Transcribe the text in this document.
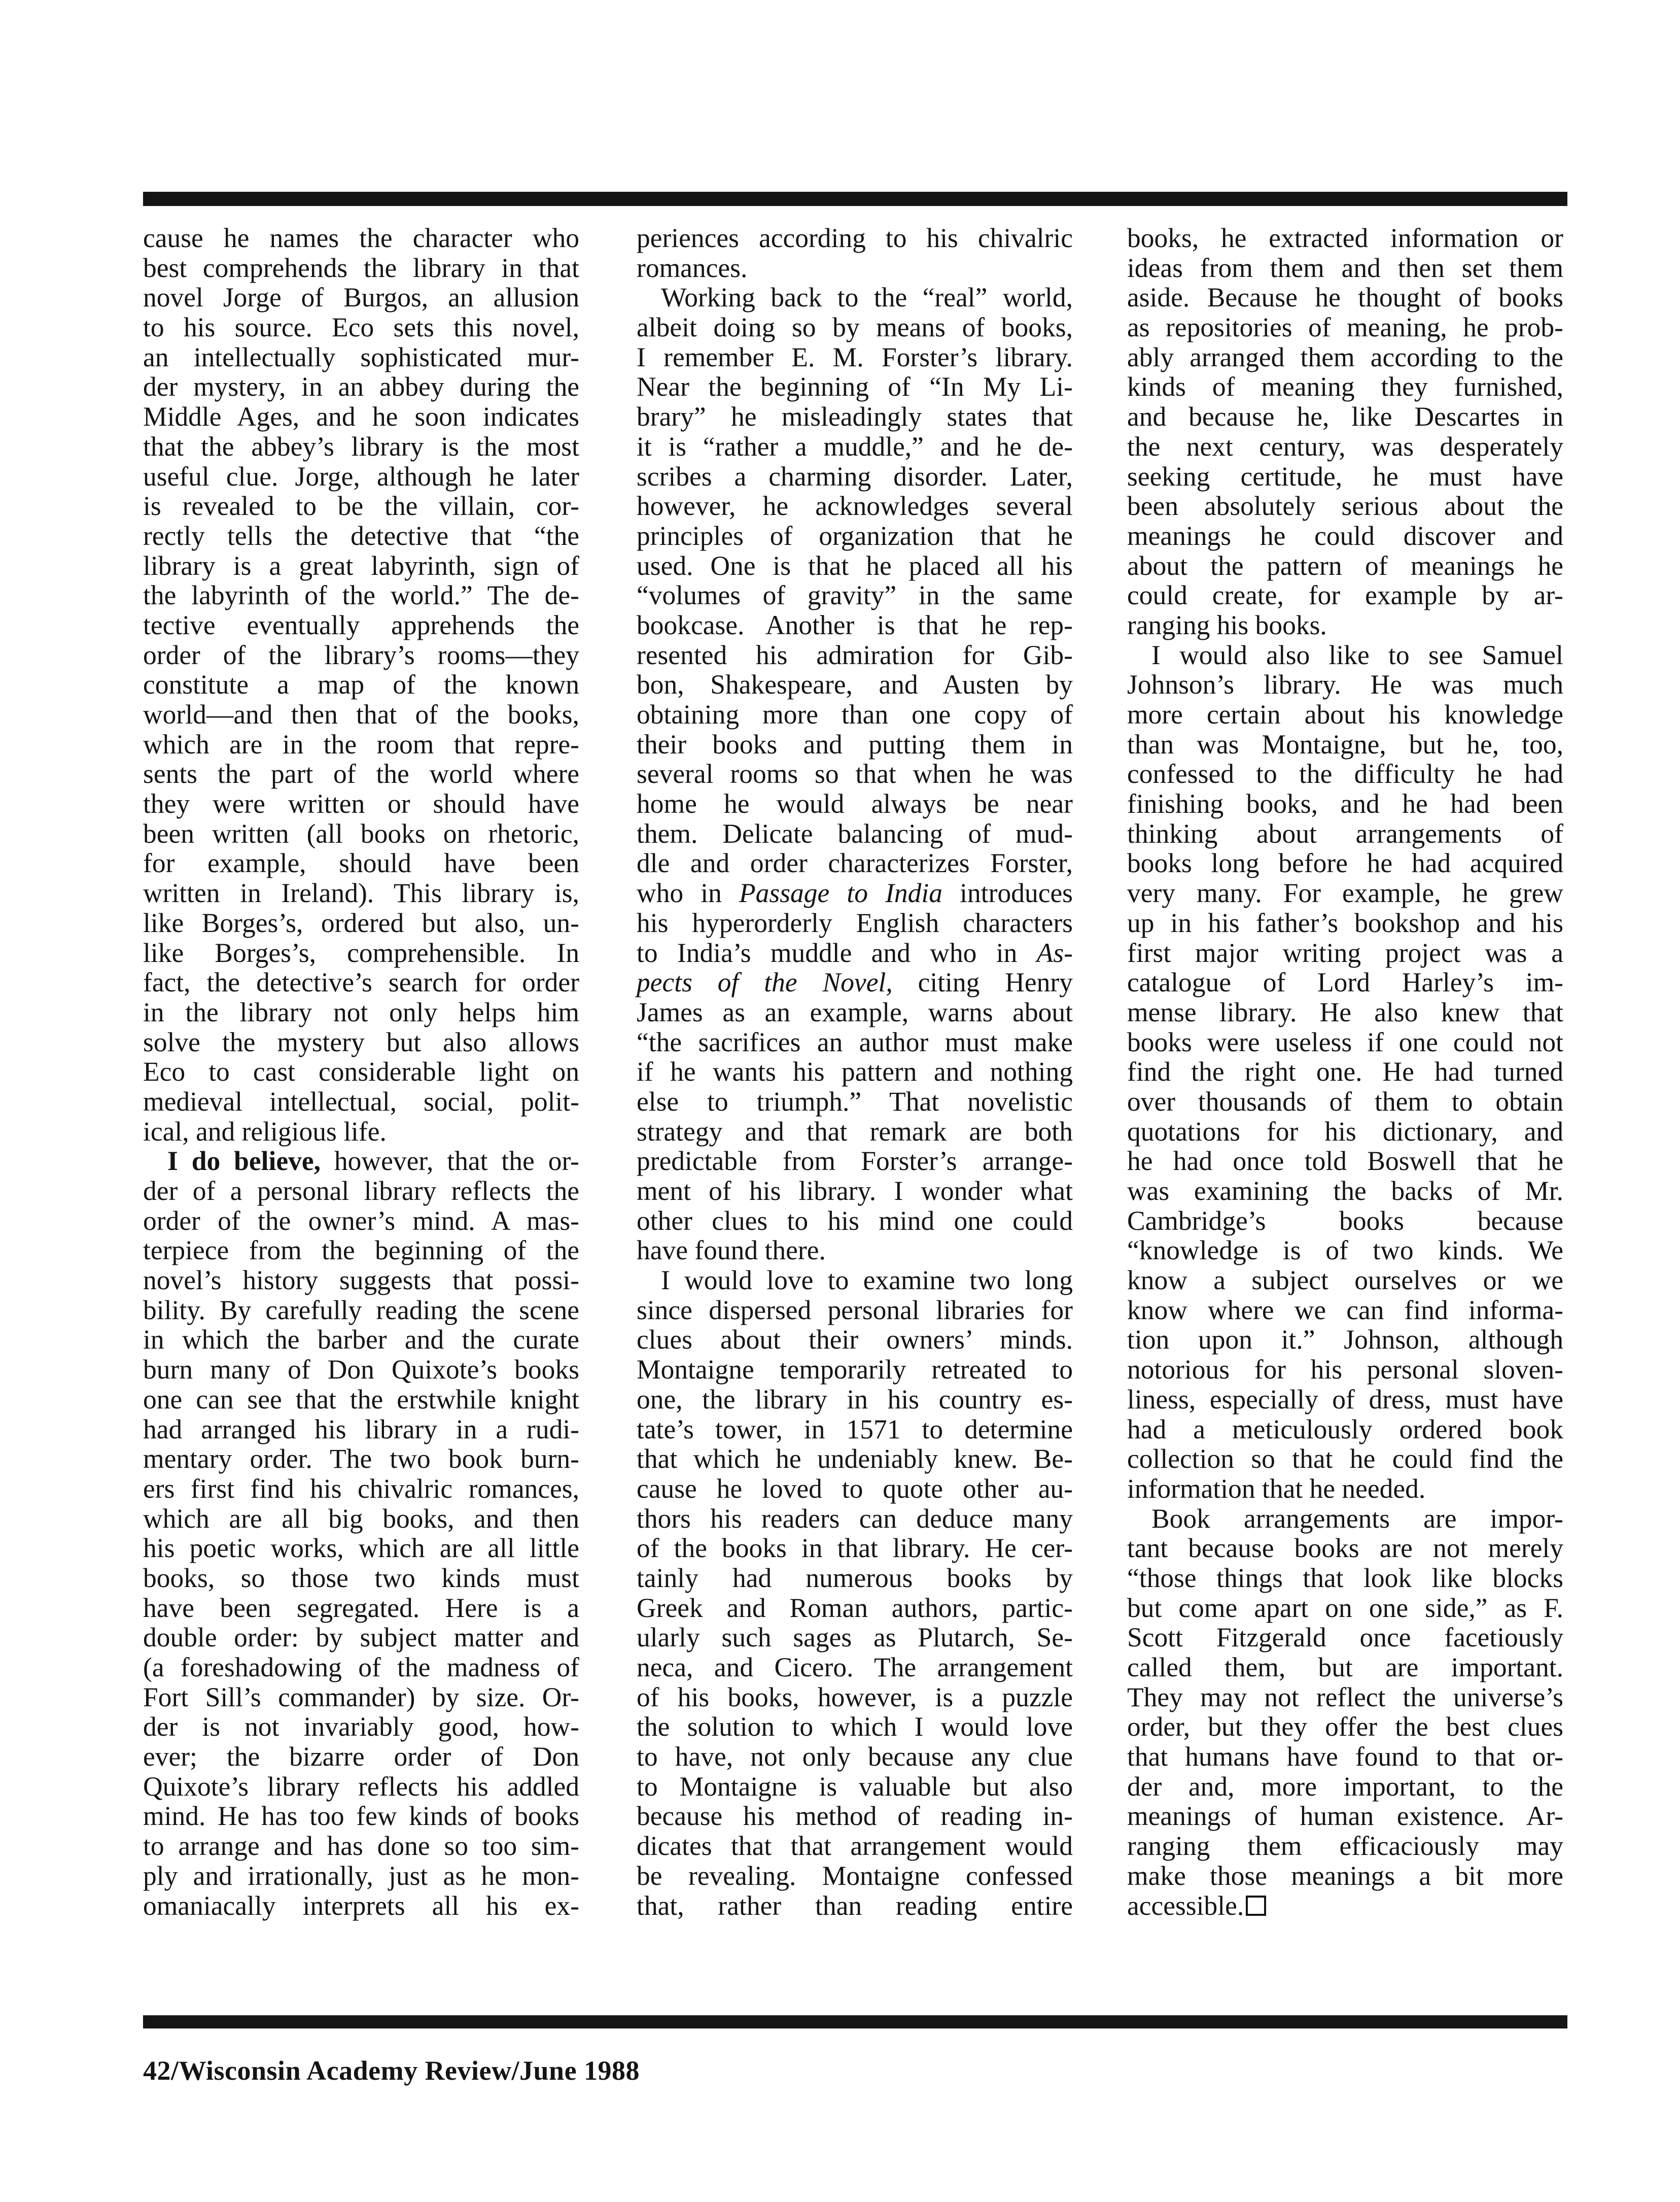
cause he names the character who
best comprehends the library in that
novel Jorge of Burgos, an allusion
to his source. Eco sets this novel,
an intellectually sophisticated mur-
der mystery, in an abbey during the
Middle Ages, and he soon indicates
that the abbey’s library is the most
useful clue. Jorge, although he later
is revealed to be the villain, cor-
rectly tells the detective that “the
library is a great labyrinth, sign of
the labyrinth of the world.” The de-
tective eventually apprehends the
order of the library’s rooms—they
constitute a map of the known
world—and then that of the books,
which are in the room that repre-
sents the part of the world where
they were written or should have
been written (all books on rhetoric,
for example, should have been
written in Ireland). This library is,
like Borges’s, ordered but also, un-
like Borges’s, comprehensible. In
fact, the detective’s search for order
in the library not only helps him
solve the mystery but also allows
Eco to cast considerable light on
medieval intellectual, social, polit-
ical, and religious life.
I do believe, however, that the or-
der of a personal library reflects the
order of the owner’s mind. A mas-
terpiece from the beginning of the
novel’s history suggests that possi-
bility. By carefully reading the scene
in which the barber and the curate
burn many of Don Quixote’s books
one can see that the erstwhile knight
had arranged his library in a rudi-
mentary order. The two book burn-
ers first find his chivalric romances,
which are all big books, and then
his poetic works, which are all little
books, so those two kinds must
have been segregated. Here is a
double order: by subject matter and
(a foreshadowing of the madness of
Fort Sill’s commander) by size. Or-
der is not invariably good, how-
ever; the bizarre order of Don
Quixote’s library reflects his addled
mind. He has too few kinds of books
to arrange and has done so too sim-
ply and irrationally, just as he mon-
omaniacally interprets all his ex-
periences according to his chivalric
romances.
Working back to the “real” world,
albeit doing so by means of books,
I remember E. M. Forster’s library.
Near the beginning of “In My Li-
brary” he misleadingly states that
it is “rather a muddle,” and he de-
scribes a charming disorder. Later,
however, he acknowledges several
principles of organization that he
used. One is that he placed all his
“volumes of gravity” in the same
bookcase. Another is that he rep-
resented his admiration for Gib-
bon, Shakespeare, and Austen by
obtaining more than one copy of
their books and putting them in
several rooms so that when he was
home he would always be near
them. Delicate balancing of mud-
dle and order characterizes Forster,
who in Passage to India introduces
his hyperorderly English characters
to India’s muddle and who in As-
pects of the Novel, citing Henry
James as an example, warns about
“the sacrifices an author must make
if he wants his pattern and nothing
else to triumph.” That novelistic
strategy and that remark are both
predictable from Forster’s arrange-
ment of his library. I wonder what
other clues to his mind one could
have found there.
I would love to examine two long
since dispersed personal libraries for
clues about their owners’ minds.
Montaigne temporarily retreated to
one, the library in his country es-
tate’s tower, in 1571 to determine
that which he undeniably knew. Be-
cause he loved to quote other au-
thors his readers can deduce many
of the books in that library. He cer-
tainly had numerous books by
Greek and Roman authors, partic-
ularly such sages as Plutarch, Se-
neca, and Cicero. The arrangement
of his books, however, is a puzzle
the solution to which I would love
to have, not only because any clue
to Montaigne is valuable but also
because his method of reading in-
dicates that that arrangement would
be revealing. Montaigne confessed
that, rather than reading entire
books, he extracted information or
ideas from them and then set them
aside. Because he thought of books
as repositories of meaning, he prob-
ably arranged them according to the
kinds of meaning they furnished,
and because he, like Descartes in
the next century, was desperately
seeking certitude, he must have
been absolutely serious about the
meanings he could discover and
about the pattern of meanings he
could create, for example by ar-
ranging his books.
I would also like to see Samuel
Johnson’s library. He was much
more certain about his knowledge
than was Montaigne, but he, too,
confessed to the difficulty he had
finishing books, and he had been
thinking about arrangements of
books long before he had acquired
very many. For example, he grew
up in his father’s bookshop and his
first major writing project was a
catalogue of Lord Harley’s im-
mense library. He also knew that
books were useless if one could not
find the right one. He had turned
over thousands of them to obtain
quotations for his dictionary, and
he had once told Boswell that he
was examining the backs of Mr.
Cambridge’s books because
“knowledge is of two kinds. We
know a subject ourselves or we
know where we can find informa-
tion upon it.” Johnson, although
notorious for his personal sloven-
liness, especially of dress, must have
had a meticulously ordered book
collection so that he could find the
information that he needed.
Book arrangements are impor-
tant because books are not merely
“those things that look like blocks
but come apart on one side,” as F.
Scott Fitzgerald once facetiously
called them, but are important.
They may not reflect the universe’s
order, but they offer the best clues
that humans have found to that or-
der and, more important, to the
meanings of human existence. Ar-
ranging them efficaciously may
make those meanings a bit more
accessible.
42/Wisconsin Academy Review/June 1988
